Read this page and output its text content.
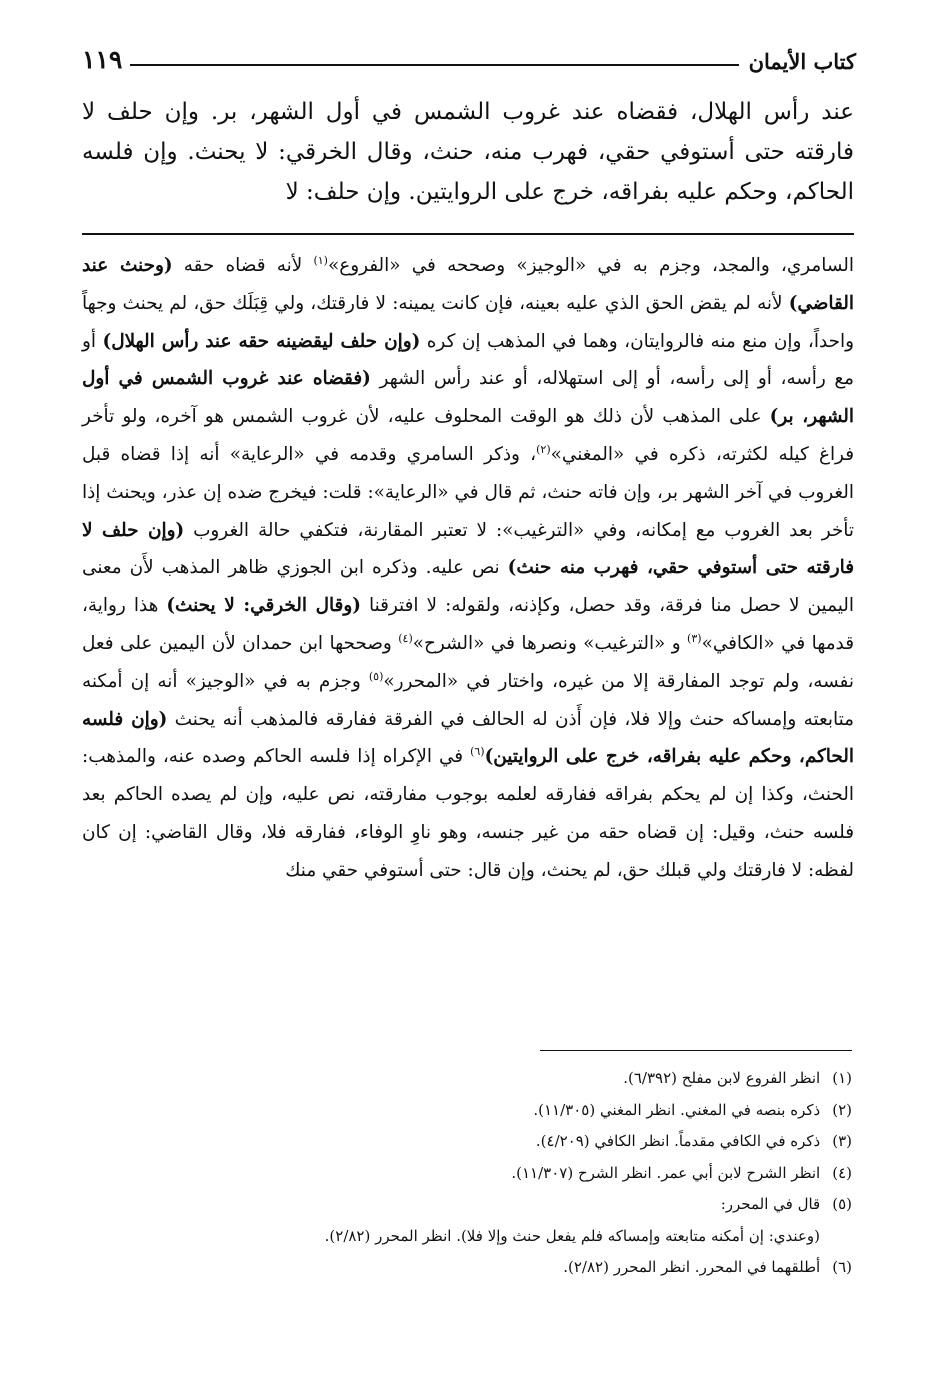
كتاب الأيمان
١١٩
عند رأس الهلال، فقضاه عند غروب الشمس في أول الشهر، بر. وإن حلف لا فارقته حتى أستوفي حقي، فهرب منه، حنث، وقال الخرقي: لا يحنث. وإن فلسه الحاكم، وحكم عليه بفراقه، خرج على الروايتين. وإن حلف: لا
السامري، والمجد، وجزم به في «الوجيز» وصححه في «الفروع»$^{(١)}$ لأنه قضاه حقه (وحنث عند القاضي) لأنه لم يقض الحق الذي عليه بعينه، فإن كانت يمينه: لا فارقتك، ولي قِبَلَك حق، لم يحنث وجهاً واحداً، وإن منع منه فالروايتان، وهما في المذهب إن كره (وإن حلف ليقضينه حقه عند رأس الهلال) أو مع رأسه، أو إلى رأسه، أو إلى استهلاله، أو عند رأس الشهر (فقضاه عند غروب الشمس في أول الشهر، بر) على المذهب لأن ذلك هو الوقت المحلوف عليه، لأن غروب الشمس هو آخره، ولو تأخر فراغ كيله لكثرته، ذكره في «المغني»$^{(٢)}$، وذكر السامري وقدمه في «الرعاية» أنه إذا قضاه قبل الغروب في آخر الشهر بر، وإن فاته حنث، ثم قال في «الرعاية»: قلت: فيخرج ضده إن عذر، ويحنث إذا تأخر بعد الغروب مع إمكانه، وفي «الترغيب»: لا تعتبر المقارنة، فتكفي حالة الغروب (وإن حلف لا فارقته حتى أستوفي حقي، فهرب منه حنث) نص عليه. وذكره ابن الجوزي ظاهر المذهب لأَن معنى اليمين لا حصل منا فرقة، وقد حصل، وكإذنه، ولقوله: لا افترقنا (وقال الخرقي: لا يحنث) هذا رواية، قدمها في «الكافي»$^{(٣)}$ و «الترغيب» ونصرها في «الشرح»$^{(٤)}$ وصححها ابن حمدان لأن اليمين على فعل نفسه، ولم توجد المفارقة إلا من غيره، واختار في «المحرر»$^{(٥)}$ وجزم به في «الوجيز» أنه إن أمكنه متابعته وإمساكه حنث وإلا فلا، فإن أَذن له الحالف في الفرقة ففارقه فالمذهب أنه يحنث (وإن فلسه الحاكم، وحكم عليه بفراقه، خرج على الروايتين)$^{(٦)}$ في الإكراه إذا فلسه الحاكم وصده عنه، والمذهب: الحنث، وكذا إن لم يحكم بفراقه ففارقه لعلمه بوجوب مفارقته، نص عليه، وإن لم يصده الحاكم بعد فلسه حنث، وقيل: إن قضاه حقه من غير جنسه، وهو ناوِ الوفاء، ففارقه فلا، وقال القاضي: إن كان لفظه: لا فارقتك ولي قبلك حق، لم يحنث، وإن قال: حتى أستوفي حقي منك
(١)انظر الفروع لابن مفلح (٦/٣٩٢).
(٢)ذكره بنصه في المغني. انظر المغني (١١/٣٠٥).
(٣)ذكره في الكافي مقدماً. انظر الكافي (٤/٢٠٩).
(٤)انظر الشرح لابن أبي عمر. انظر الشرح (١١/٣٠٧).
(٥)قال في المحرر:
(وعندي: إن أمكنه متابعته وإمساكه فلم يفعل حنث وإلا فلا). انظر المحرر (٢/٨٢).
(٦)أطلقهما في المحرر. انظر المحرر (٢/٨٢).
